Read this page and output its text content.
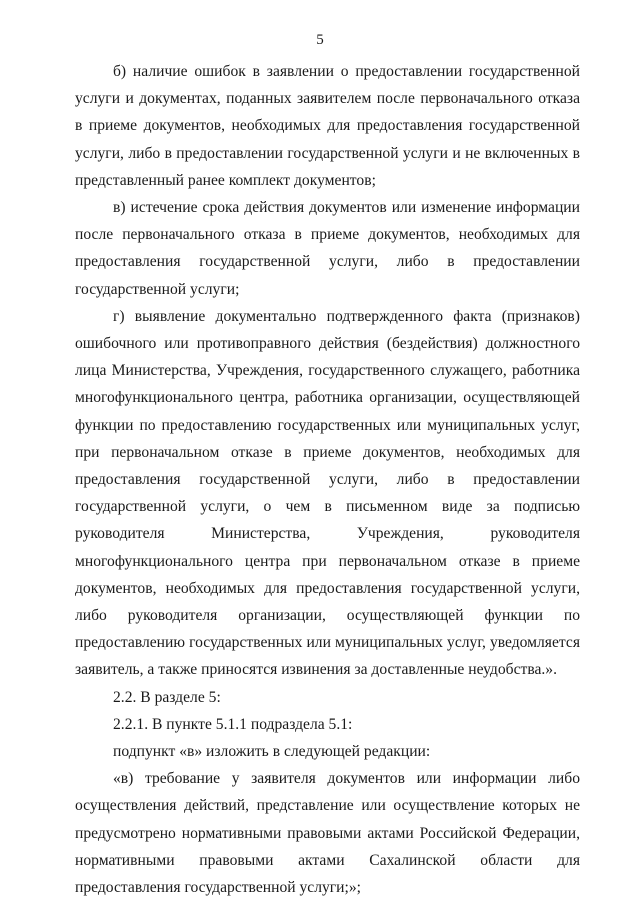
5

б) наличие ошибок в заявлении о предоставлении государственной услуги и документах, поданных заявителем после первоначального отказа в приеме документов, необходимых для предоставления государственной услуги, либо в предоставлении государственной услуги и не включенных в представленный ранее комплект документов;

в) истечение срока действия документов или изменение информации после первоначального отказа в приеме документов, необходимых для предоставления государственной услуги, либо в предоставлении государственной услуги;

г) выявление документально подтвержденного факта (признаков) ошибочного или противоправного действия (бездействия) должностного лица Министерства, Учреждения, государственного служащего, работника многофункционального центра, работника организации, осуществляющей функции по предоставлению государственных или муниципальных услуг, при первоначальном отказе в приеме документов, необходимых для предоставления государственной услуги, либо в предоставлении государственной услуги, о чем в письменном виде за подписью руководителя Министерства, Учреждения, руководителя многофункционального центра при первоначальном отказе в приеме документов, необходимых для предоставления государственной услуги, либо руководителя организации, осуществляющей функции по предоставлению государственных или муниципальных услуг, уведомляется заявитель, а также приносятся извинения за доставленные неудобства.».

2.2. В разделе 5:

2.2.1. В пункте 5.1.1 подраздела 5.1:

подпункт «в» изложить в следующей редакции:

«в) требование у заявителя документов или информации либо осуществления действий, представление или осуществление которых не предусмотрено нормативными правовыми актами Российской Федерации, нормативными правовыми актами Сахалинской области для предоставления государственной услуги;»;
